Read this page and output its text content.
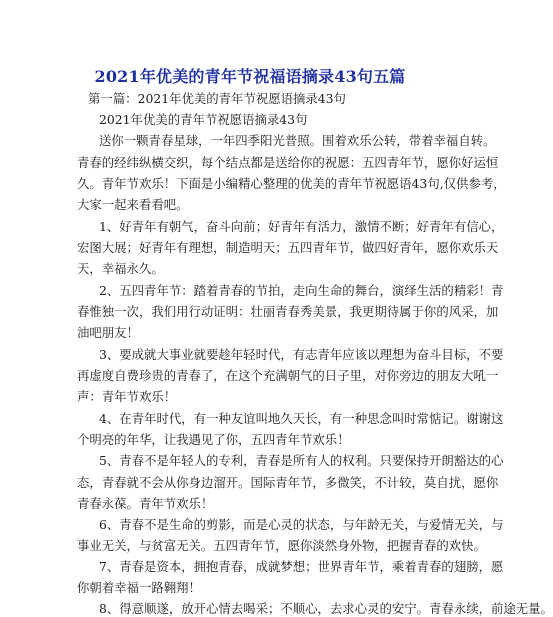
2021年优美的青年节祝福语摘录43句五篇
第一篇：2021年优美的青年节祝愿语摘录43句
2021年优美的青年节祝愿语摘录43句
送你一颗青春星球，一年四季阳光普照。围着欢乐公转，带着幸福自转。
青春的经纬纵横交织，每个结点都是送给你的祝愿：五四青年节，愿你好运恒
久。青年节欢乐！下面是小编精心整理的优美的青年节祝愿语43句,仅供参考，
大家一起来看看吧。
1、好青年有朝气，奋斗向前；好青年有活力，激情不断；好青年有信心，
宏图大展；好青年有理想，制造明天；五四青年节，做四好青年，愿你欢乐天
天，幸福永久。
2、五四青年节：踏着青春的节拍，走向生命的舞台，演绎生活的精彩！青
春惟独一次，我们用行动证明：壮丽青春秀美景，我更期待属于你的风采，加
油吧朋友！
3、要成就大事业就要趁年轻时代，有志青年应该以理想为奋斗目标，不要
再虚度自费珍贵的青春了，在这个充满朝气的日子里，对你旁边的朋友大吼一
声：青年节欢乐！
4、在青年时代，有一种友谊叫地久天长，有一种思念叫时常惦记。谢谢这
个明亮的年华，让我遇见了你，五四青年节欢乐！
5、青春不是年轻人的专利，青春是所有人的权利。只要保持开朗豁达的心
态，青春就不会从你身边溜开。国际青年节，多微笑，不计较，莫自扰，愿你
青春永葆。青年节欢乐！
6、青春不是生命的剪影，而是心灵的状态，与年龄无关，与爱情无关，与
事业无关，与贫富无关。五四青年节，愿你淡然身外物，把握青春的欢快。
7、青春是资本，拥抱青春，成就梦想；世界青年节，乘着青春的翅膀，愿
你朝着幸福一路翱翔！
8、得意顺遂，放开心情去喝采；不顺心，去求心灵的安宁。青春永续，前途无量。
